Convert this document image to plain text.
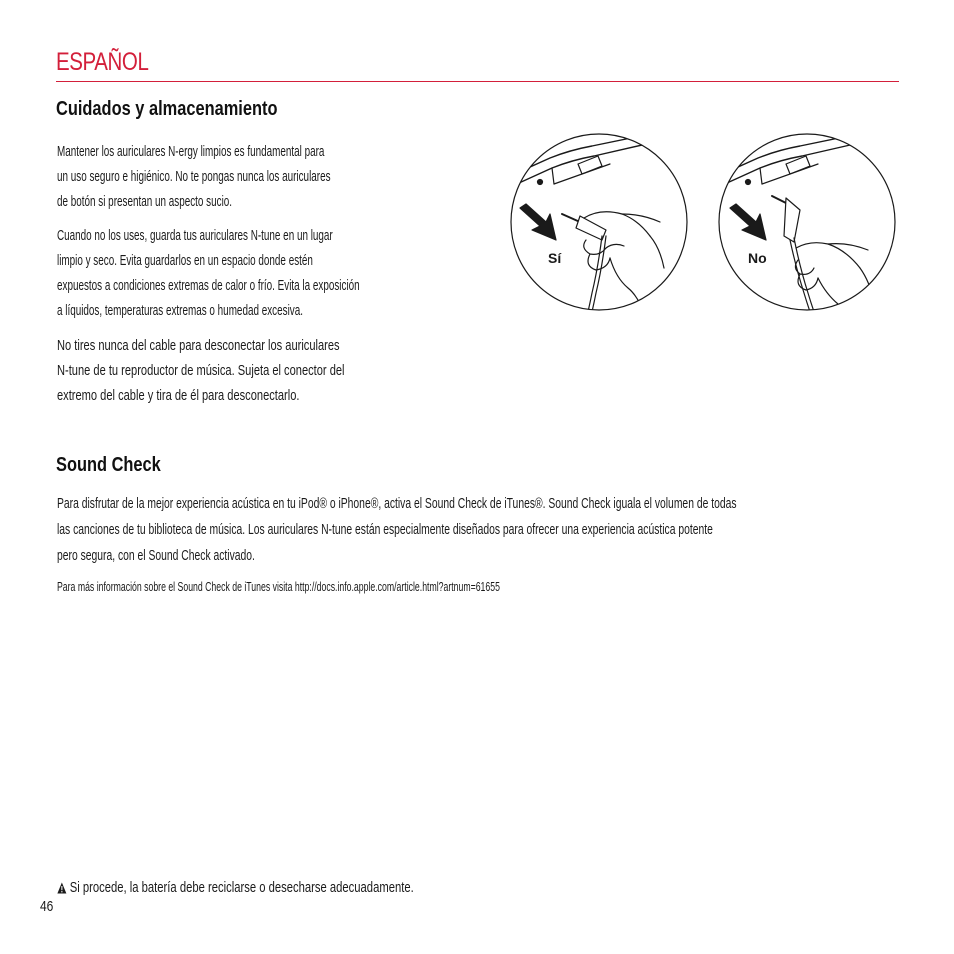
ESPAÑOL
Cuidados y almacenamiento

Mantener los auriculares N-ergy limpios es fundamental para
un uso seguro e higiénico. No te pongas nunca los auriculares
de botón si presentan un aspecto sucio.

Cuando no los uses, guarda tus auriculares N-tune en un lugar
limpio y seco. Evita guardarlos en un espacio donde estén
expuestos a condiciones extremas de calor o frío. Evita la exposición
a líquidos, temperaturas extremas o humedad excesiva.

No tires nunca del cable para desconectar los auriculares
N-tune de tu reproductor de música. Sujeta el conector del
extremo del cable y tira de él para desconectarlo.

Sí	No
Sound Check

Para disfrutar de la mejor experiencia acústica en tu iPod® o iPhone®, activa el Sound Check de iTunes®. Sound Check iguala el volumen de todas
las canciones de tu biblioteca de música. Los auriculares N-tune están especialmente diseñados para ofrecer una experiencia acústica potente
pero segura, con el Sound Check activado.

Para más información sobre el Sound Check de iTunes visita http://docs.info.apple.com/article.html?artnum=61655

Si procede, la batería debe reciclarse o desecharse adecuadamente.
46
